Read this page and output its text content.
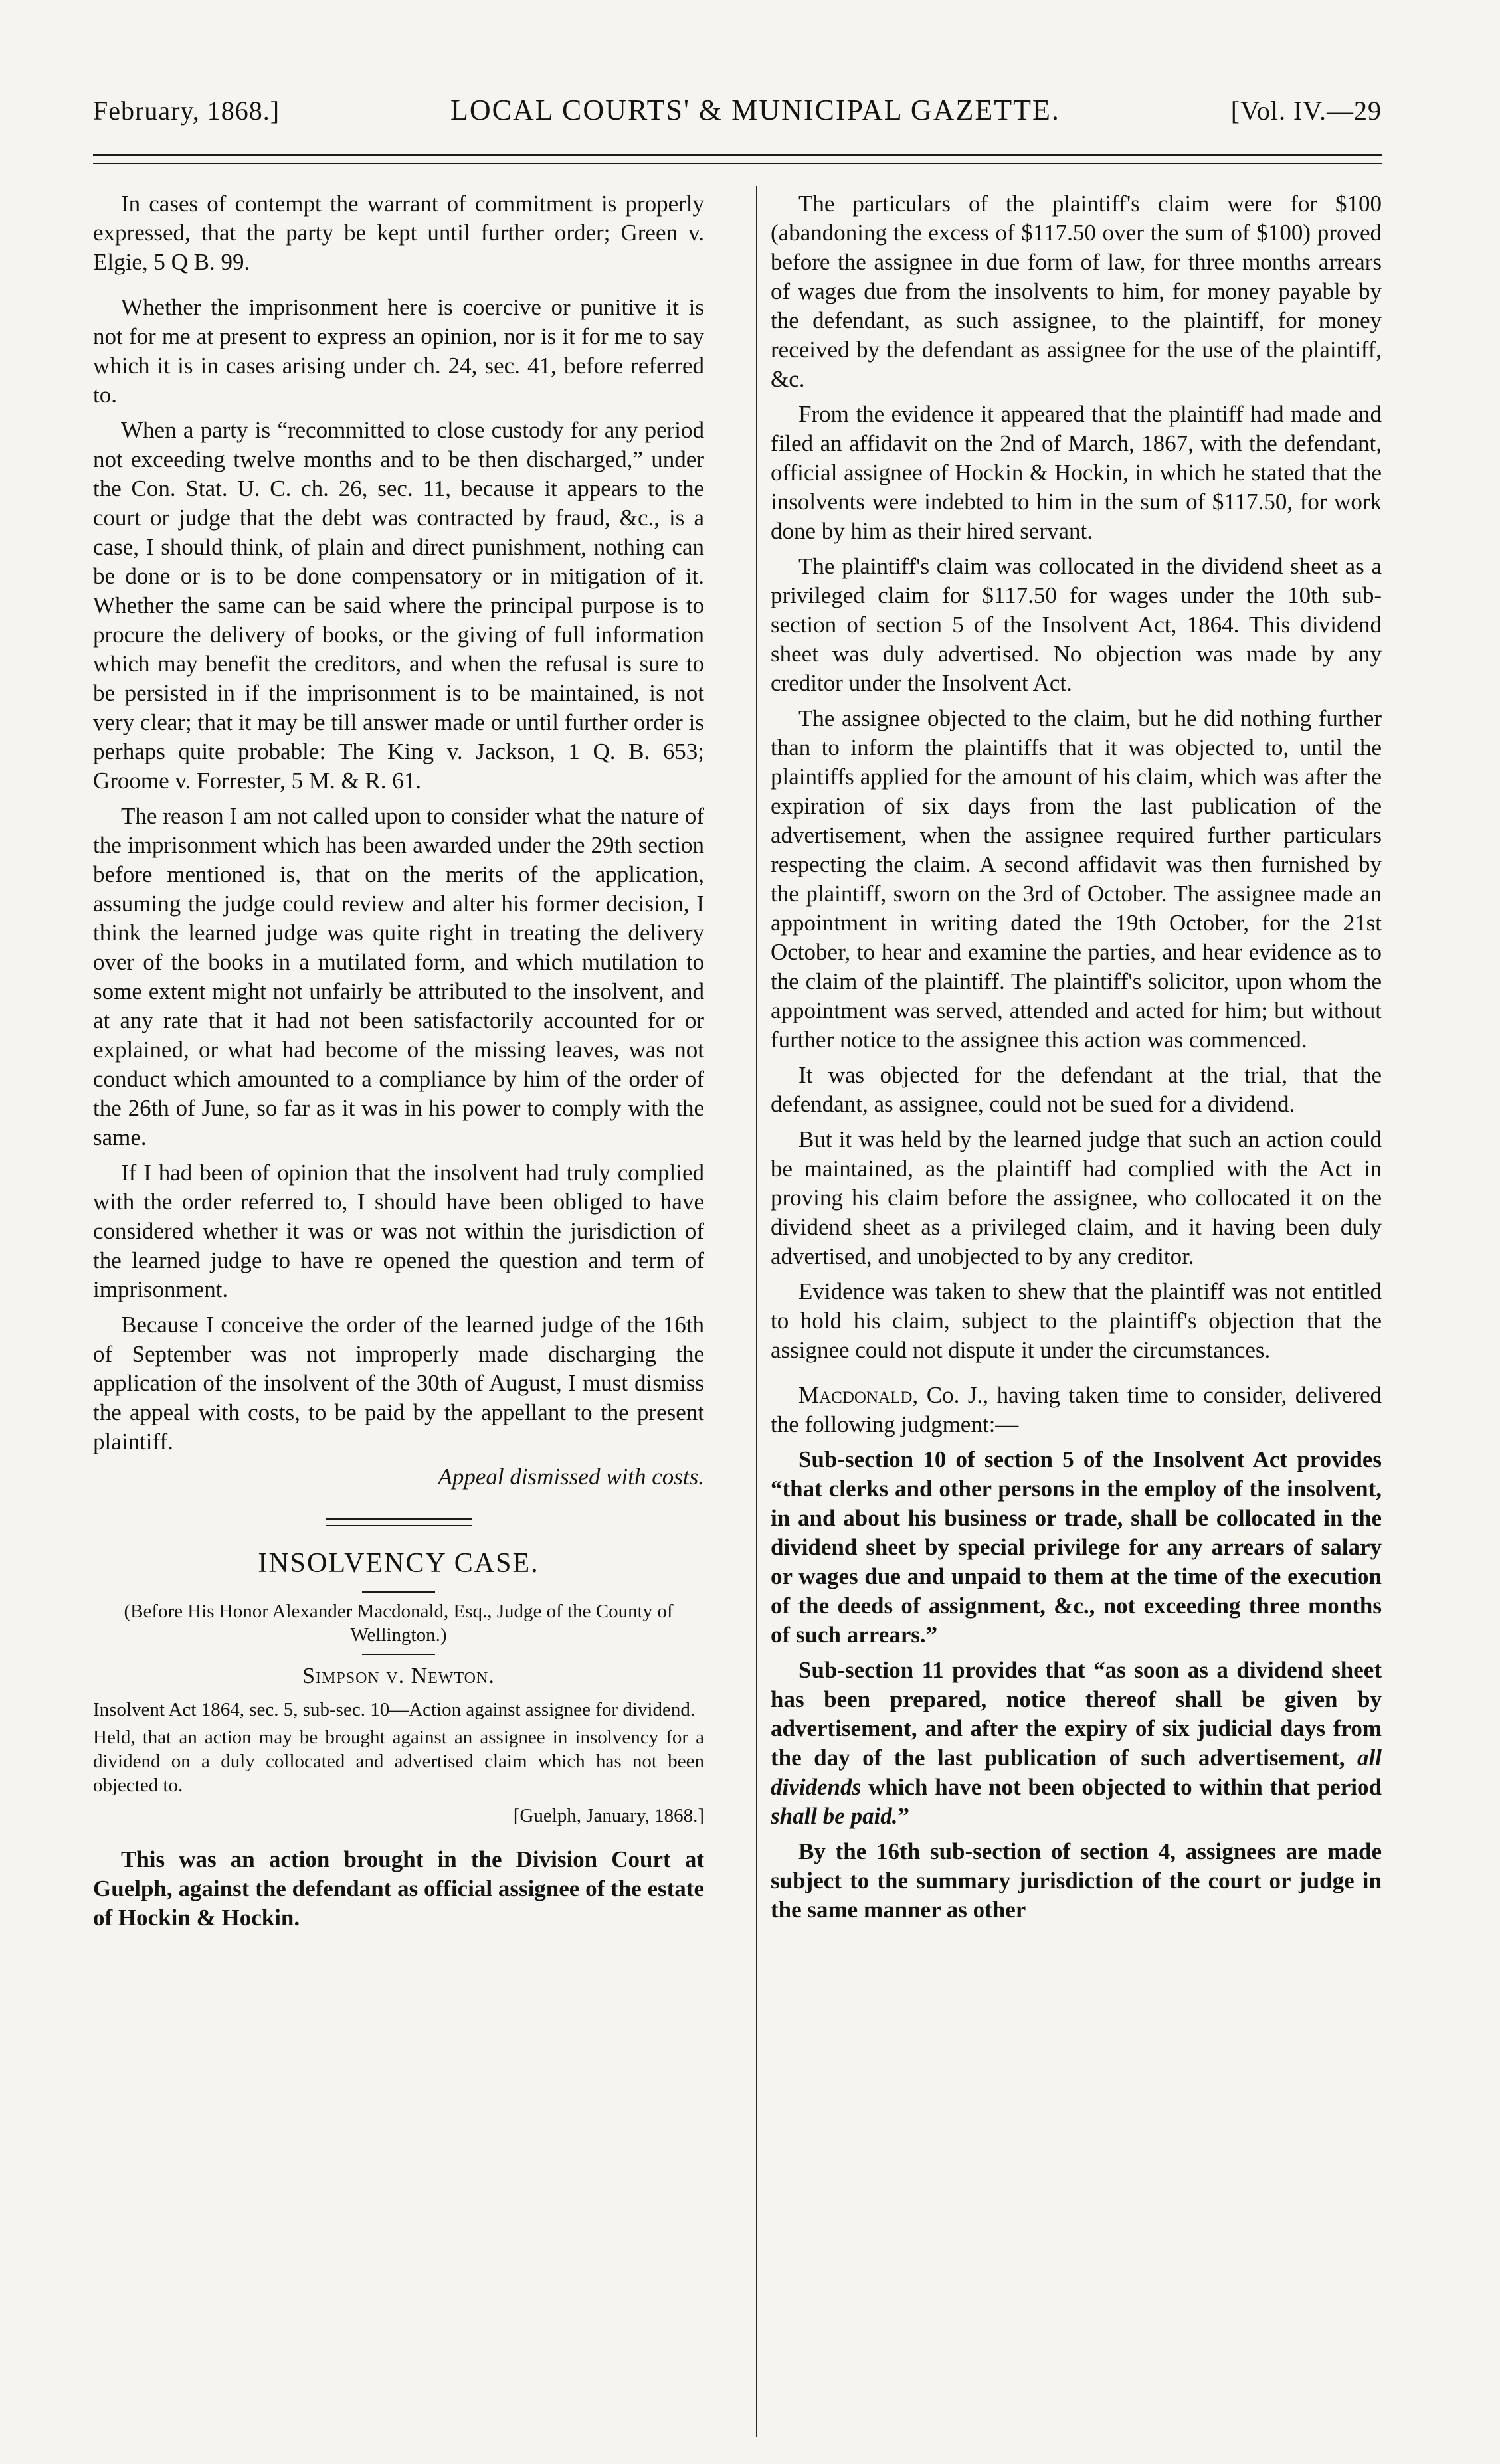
February, 1868.]	LOCAL COURTS' & MUNICIPAL GAZETTE.	[Vol. IV.—29

In cases of contempt the warrant of commitment is properly expressed, that the party be kept until further order; Green v. Elgie, 5 Q B. 99.

Whether the imprisonment here is coercive or punitive it is not for me at present to express an opinion, nor is it for me to say which it is in cases arising under ch. 24, sec. 41, before referred to.

When a party is “recommitted to close custody for any period not exceeding twelve months and to be then discharged,” under the Con. Stat. U. C. ch. 26, sec. 11, because it appears to the court or judge that the debt was contracted by fraud, &c., is a case, I should think, of plain and direct punishment, nothing can be done or is to be done compensatory or in mitigation of it. Whether the same can be said where the principal purpose is to procure the delivery of books, or the giving of full information which may benefit the creditors, and when the refusal is sure to be persisted in if the imprisonment is to be maintained, is not very clear; that it may be till answer made or until further order is perhaps quite probable: The King v. Jackson, 1 Q. B. 653; Groome v. Forrester, 5 M. & R. 61.

The reason I am not called upon to consider what the nature of the imprisonment which has been awarded under the 29th section before mentioned is, that on the merits of the application, assuming the judge could review and alter his former decision, I think the learned judge was quite right in treating the delivery over of the books in a mutilated form, and which mutilation to some extent might not unfairly be attributed to the insolvent, and at any rate that it had not been satisfactorily accounted for or explained, or what had become of the missing leaves, was not conduct which amounted to a compliance by him of the order of the 26th of June, so far as it was in his power to comply with the same.

If I had been of opinion that the insolvent had truly complied with the order referred to, I should have been obliged to have considered whether it was or was not within the jurisdiction of the learned judge to have re opened the question and term of imprisonment.

Because I conceive the order of the learned judge of the 16th of September was not improperly made discharging the application of the insolvent of the 30th of August, I must dismiss the appeal with costs, to be paid by the appellant to the present plaintiff.

Appeal dismissed with costs.

INSOLVENCY CASE.
(Before His Honor Alexander Macdonald, Esq., Judge of the County of Wellington.)
Simpson v. Newton.
Insolvent Act 1864, sec. 5, sub-sec. 10—Action against assignee for dividend.
Held, that an action may be brought against an assignee in insolvency for a dividend on a duly collocated and advertised claim which has not been objected to.
[Guelph, January, 1868.]

This was an action brought in the Division Court at Guelph, against the defendant as official assignee of the estate of Hockin & Hockin.

The particulars of the plaintiff's claim were for $100 (abandoning the excess of $117.50 over the sum of $100) proved before the assignee in due form of law, for three months arrears of wages due from the insolvents to him, for money payable by the defendant, as such assignee, to the plaintiff, for money received by the defendant as assignee for the use of the plaintiff, &c.

From the evidence it appeared that the plaintiff had made and filed an affidavit on the 2nd of March, 1867, with the defendant, official assignee of Hockin & Hockin, in which he stated that the insolvents were indebted to him in the sum of $117.50, for work done by him as their hired servant.

The plaintiff's claim was collocated in the dividend sheet as a privileged claim for $117.50 for wages under the 10th sub-section of section 5 of the Insolvent Act, 1864. This dividend sheet was duly advertised. No objection was made by any creditor under the Insolvent Act.

The assignee objected to the claim, but he did nothing further than to inform the plaintiffs that it was objected to, until the plaintiffs applied for the amount of his claim, which was after the expiration of six days from the last publication of the advertisement, when the assignee required further particulars respecting the claim. A second affidavit was then furnished by the plaintiff, sworn on the 3rd of October. The assignee made an appointment in writing dated the 19th October, for the 21st October, to hear and examine the parties, and hear evidence as to the claim of the plaintiff. The plaintiff's solicitor, upon whom the appointment was served, attended and acted for him; but without further notice to the assignee this action was commenced.

It was objected for the defendant at the trial, that the defendant, as assignee, could not be sued for a dividend.

But it was held by the learned judge that such an action could be maintained, as the plaintiff had complied with the Act in proving his claim before the assignee, who collocated it on the dividend sheet as a privileged claim, and it having been duly advertised, and unobjected to by any creditor.

Evidence was taken to shew that the plaintiff was not entitled to hold his claim, subject to the plaintiff's objection that the assignee could not dispute it under the circumstances.

Macdonald, Co. J., having taken time to consider, delivered the following judgment:—

Sub-section 10 of section 5 of the Insolvent Act provides “that clerks and other persons in the employ of the insolvent, in and about his business or trade, shall be collocated in the dividend sheet by special privilege for any arrears of salary or wages due and unpaid to them at the time of the execution of the deeds of assignment, &c., not exceeding three months of such arrears.”

Sub-section 11 provides that “as soon as a dividend sheet has been prepared, notice thereof shall be given by advertisement, and after the expiry of six judicial days from the day of the last publication of such advertisement, all dividends which have not been objected to within that period shall be paid.”

By the 16th sub-section of section 4, assignees are made subject to the summary jurisdiction of the court or judge in the same manner as other
